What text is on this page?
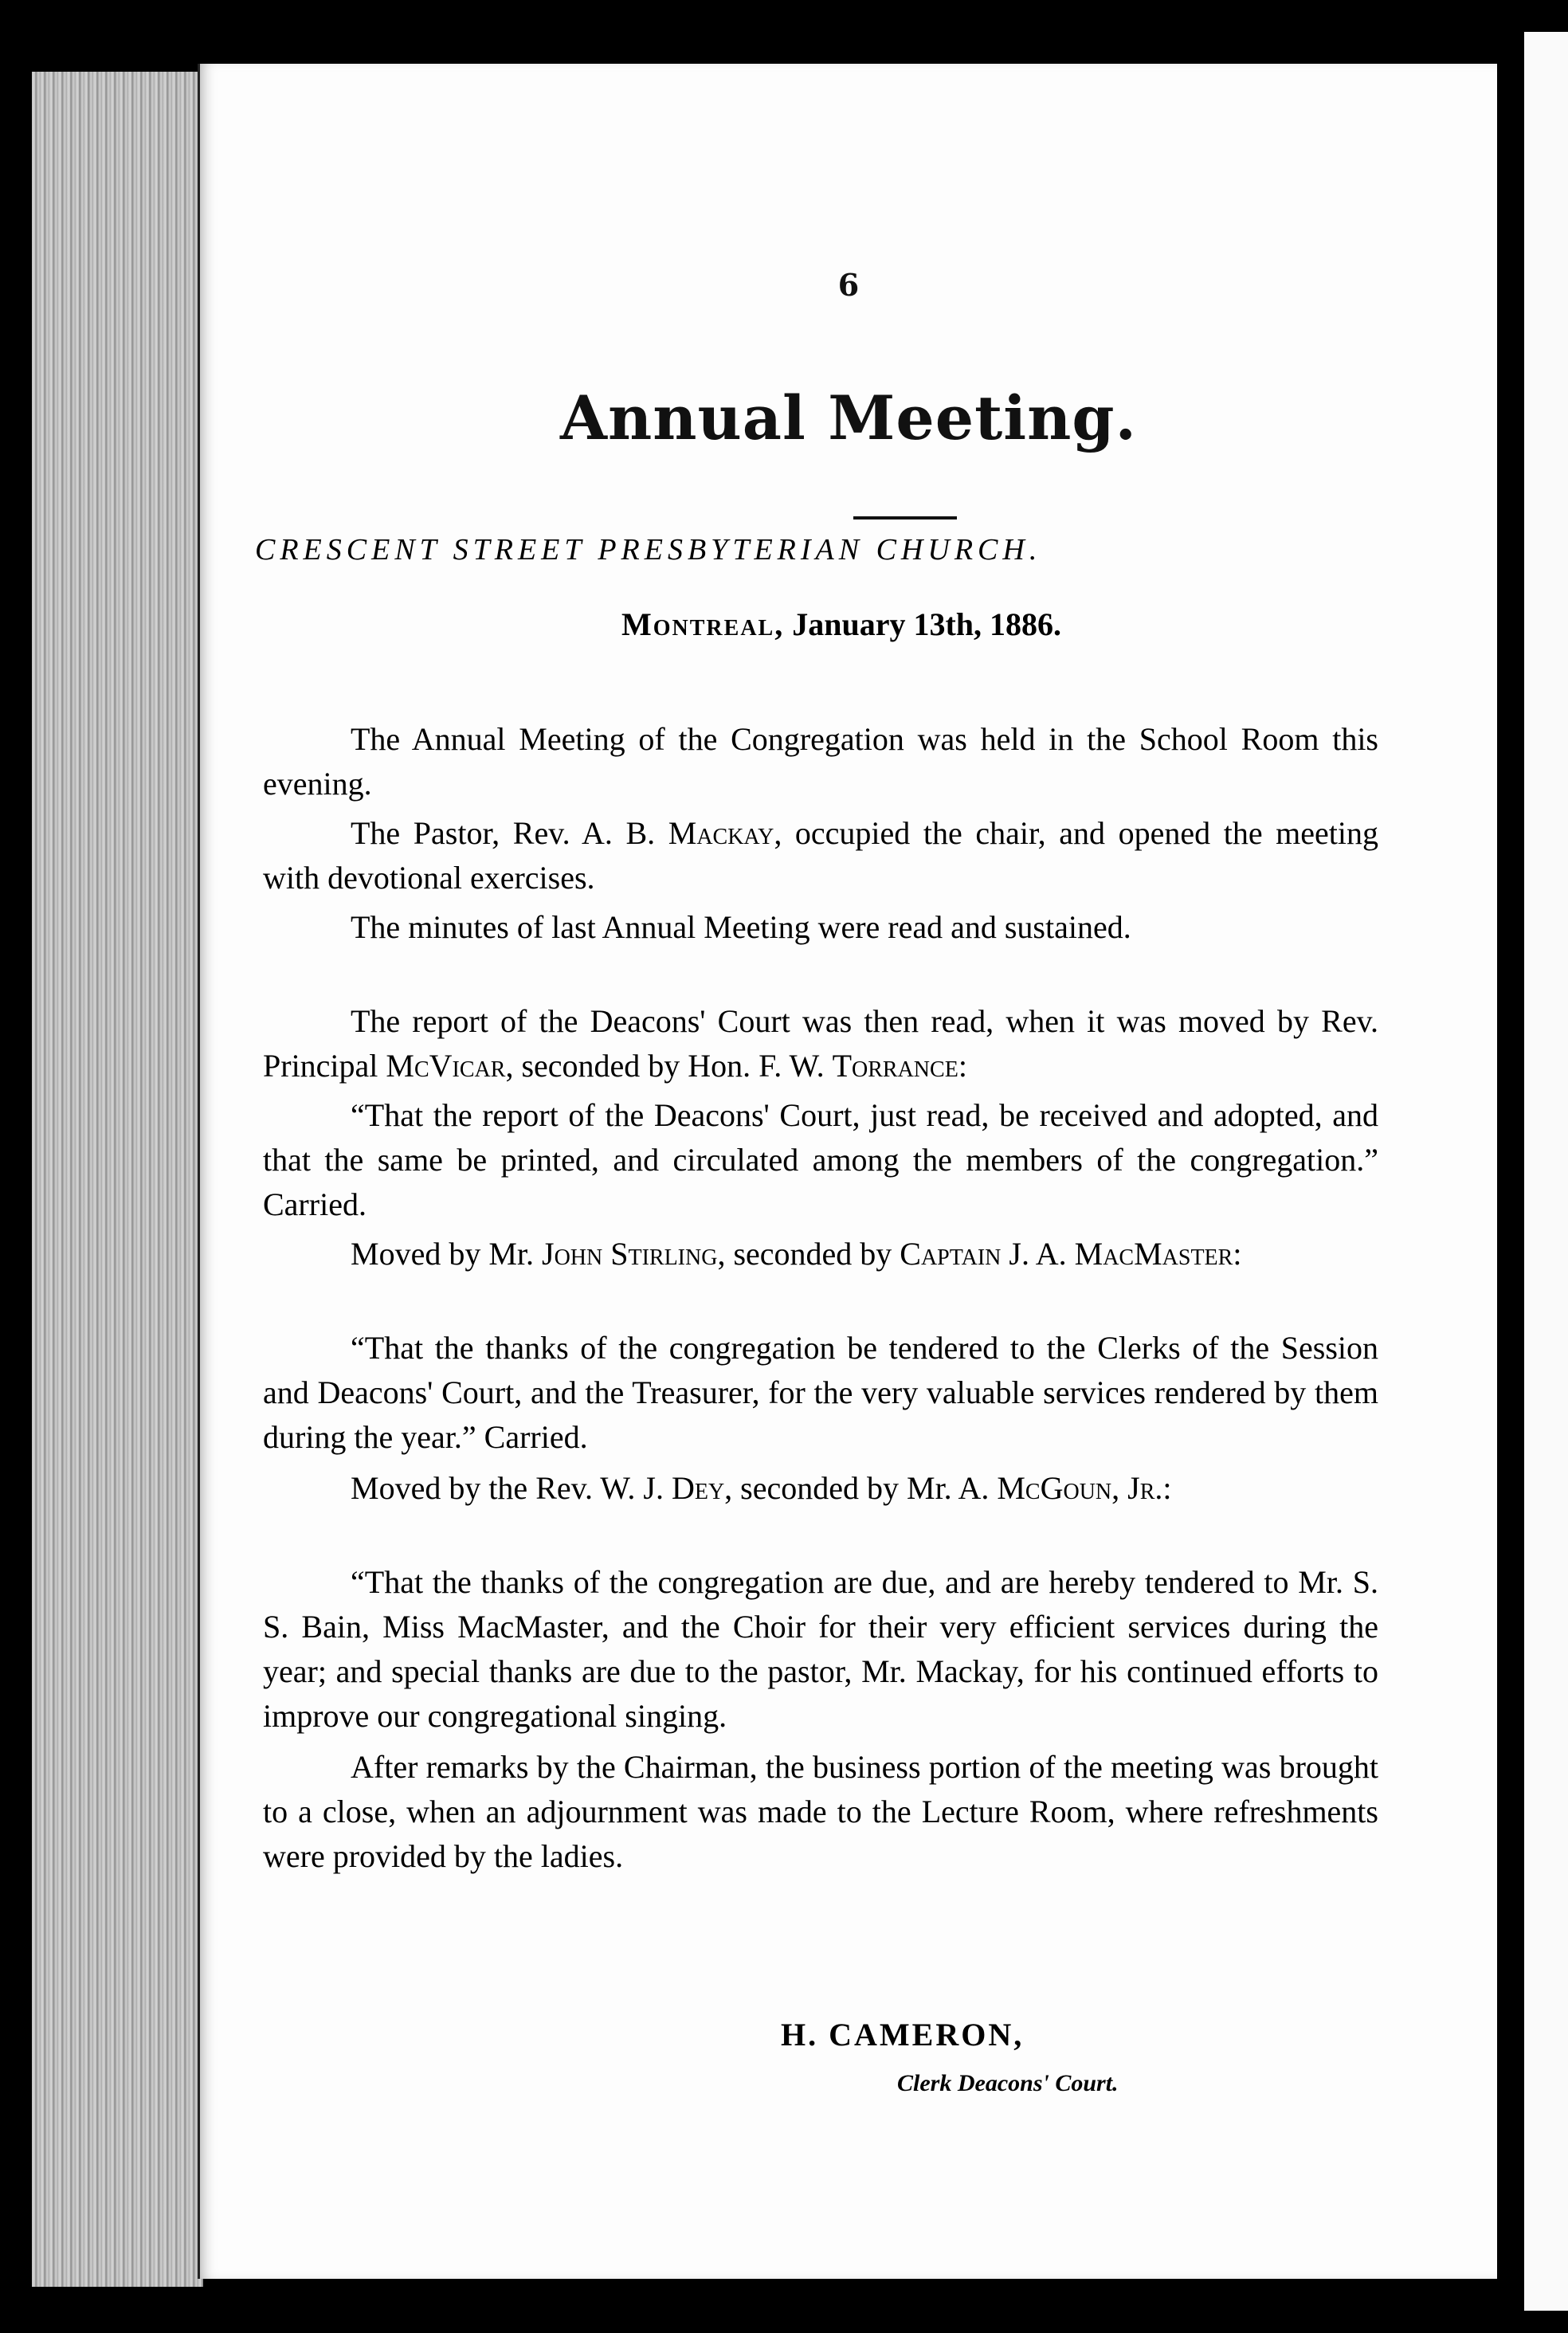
6
Annual Meeting.
CRESCENT STREET PRESBYTERIAN CHURCH.
Montreal, January 13th, 1886.
The Annual Meeting of the Congregation was held in the School Room this evening.
The Pastor, Rev. A. B. Mackay, occupied the chair, and opened the meeting with devotional exercises.
The minutes of last Annual Meeting were read and sustained.
The report of the Deacons' Court was then read, when it was moved by Rev. Principal McVicar, seconded by Hon. F. W. Torrance:
“That the report of the Deacons' Court, just read, be received and adopted, and that the same be printed, and circulated among the members of the congregation.” Carried.
Moved by Mr. John Stirling, seconded by Captain J. A. MacMaster:
“That the thanks of the congregation be tendered to the Clerks of the Session and Deacons' Court, and the Treasurer, for the very valuable services rendered by them during the year.” Carried.
Moved by the Rev. W. J. Dey, seconded by Mr. A. McGoun, Jr.:
“That the thanks of the congregation are due, and are hereby tendered to Mr. S. S. Bain, Miss MacMaster, and the Choir for their very efficient services during the year; and special thanks are due to the pastor, Mr. Mackay, for his continued efforts to improve our congregational singing.
After remarks by the Chairman, the business portion of the meeting was brought to a close, when an adjournment was made to the Lecture Room, where refreshments were provided by the ladies.
H. CAMERON,
Clerk Deacons' Court.
